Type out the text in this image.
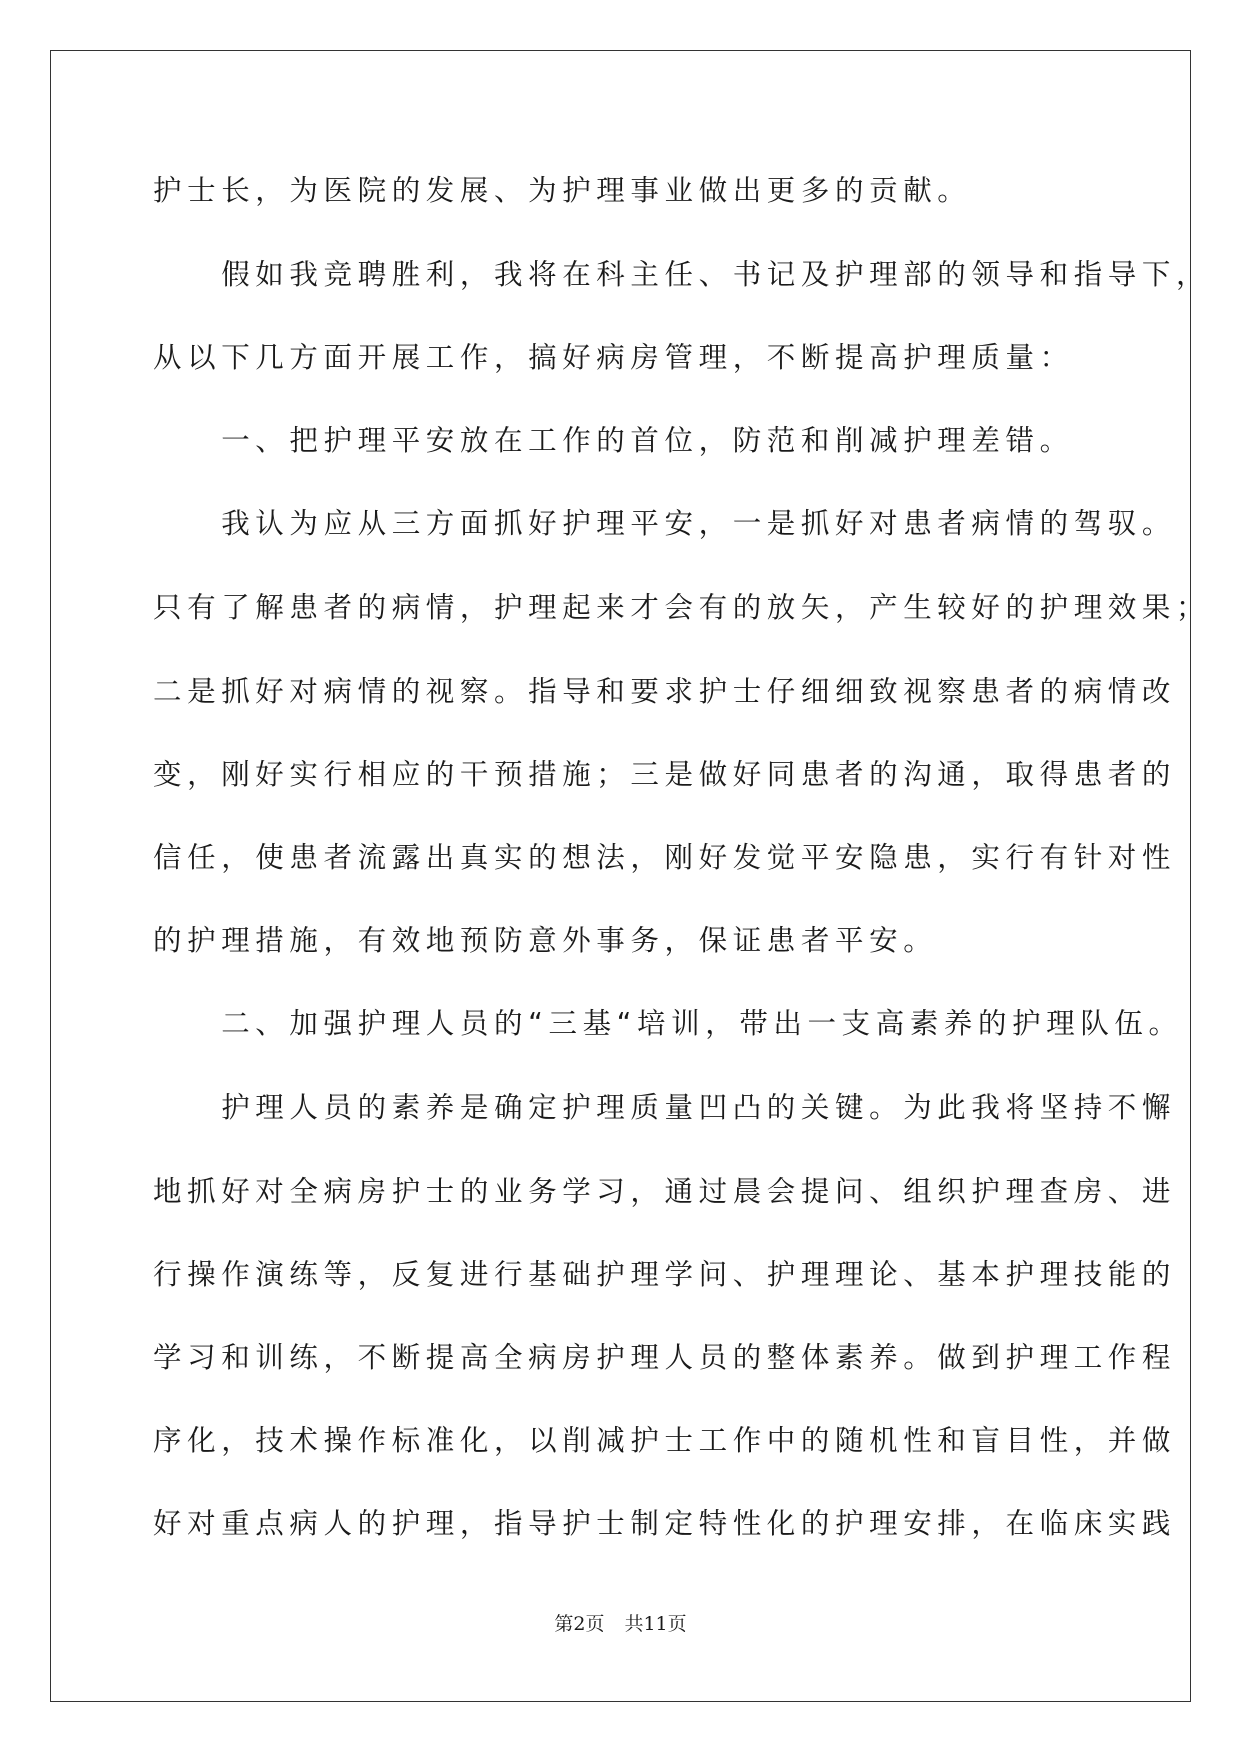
护士长，为医院的发展、为护理事业做出更多的贡献。
　　假如我竞聘胜利，我将在科主任、书记及护理部的领导和指导下，
从以下几方面开展工作，搞好病房管理，不断提高护理质量：
　　一、把护理平安放在工作的首位，防范和削减护理差错。
　　我认为应从三方面抓好护理平安，一是抓好对患者病情的驾驭。
只有了解患者的病情，护理起来才会有的放矢，产生较好的护理效果；
二是抓好对病情的视察。指导和要求护士仔细细致视察患者的病情改
变，刚好实行相应的干预措施；三是做好同患者的沟通，取得患者的
信任，使患者流露出真实的想法，刚好发觉平安隐患，实行有针对性
的护理措施，有效地预防意外事务，保证患者平安。
　　二、加强护理人员的“三基“培训，带出一支高素养的护理队伍。
　　护理人员的素养是确定护理质量凹凸的关键。为此我将坚持不懈
地抓好对全病房护士的业务学习，通过晨会提问、组织护理查房、进
行操作演练等，反复进行基础护理学问、护理理论、基本护理技能的
学习和训练，不断提高全病房护理人员的整体素养。做到护理工作程
序化，技术操作标准化，以削减护士工作中的随机性和盲目性，并做
好对重点病人的护理，指导护士制定特性化的护理安排，在临床实践
第2页 共11页
